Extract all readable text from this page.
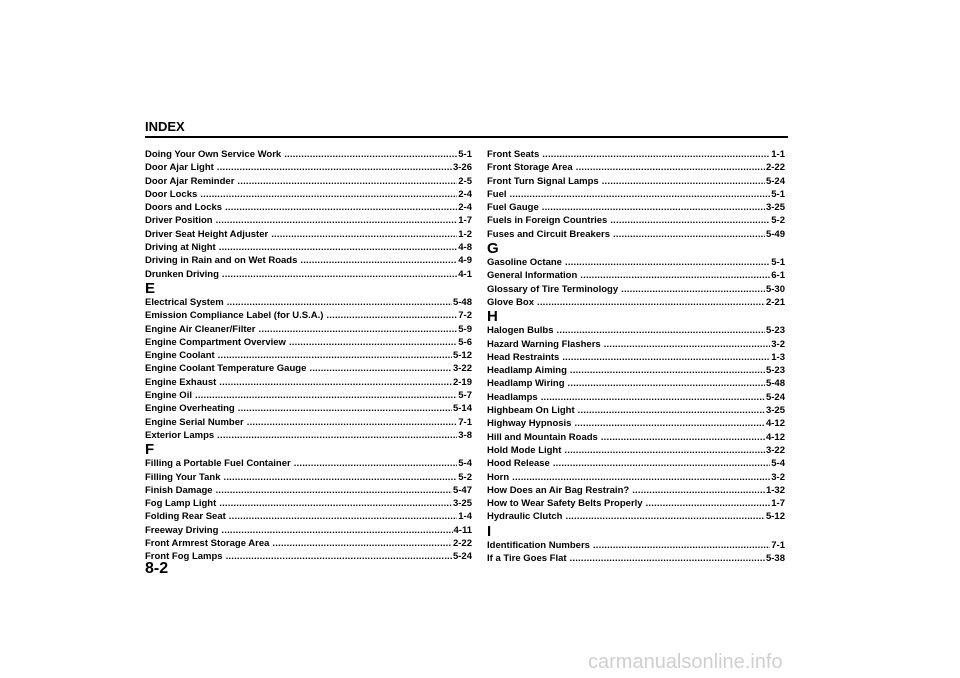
INDEX
Doing Your Own Service Work .....	5-1
Door Ajar Light .....	3-26
Door Ajar Reminder .....	2-5
Door Locks .....	2-4
Doors and Locks .....	2-4
Driver Position .....	1-7
Driver Seat Height Adjuster .....	1-2
Driving at Night .....	4-8
Driving in Rain and on Wet Roads .....	4-9
Drunken Driving .....	4-1
E
Electrical System .....	5-48
Emission Compliance Label (for U.S.A.) .....	7-2
Engine Air Cleaner/Filter .....	5-9
Engine Compartment Overview .....	5-6
Engine Coolant .....	5-12
Engine Coolant Temperature Gauge .....	3-22
Engine Exhaust .....	2-19
Engine Oil .....	5-7
Engine Overheating .....	5-14
Engine Serial Number .....	7-1
Exterior Lamps .....	3-8
F
Filling a Portable Fuel Container .....	5-4
Filling Your Tank .....	5-2
Finish Damage .....	5-47
Fog Lamp Light .....	3-25
Folding Rear Seat .....	1-4
Freeway Driving .....	4-11
Front Armrest Storage Area .....	2-22
Front Fog Lamps .....	5-24
Front Seats .....	1-1
Front Storage Area .....	2-22
Front Turn Signal Lamps .....	5-24
Fuel .....	5-1
Fuel Gauge .....	3-25
Fuels in Foreign Countries .....	5-2
Fuses and Circuit Breakers .....	5-49
G
Gasoline Octane .....	5-1
General Information .....	6-1
Glossary of Tire Terminology .....	5-30
Glove Box .....	2-21
H
Halogen Bulbs .....	5-23
Hazard Warning Flashers .....	3-2
Head Restraints .....	1-3
Headlamp Aiming .....	5-23
Headlamp Wiring .....	5-48
Headlamps .....	5-24
Highbeam On Light .....	3-25
Highway Hypnosis .....	4-12
Hill and Mountain Roads .....	4-12
Hold Mode Light .....	3-22
Hood Release .....	5-4
Horn .....	3-2
How Does an Air Bag Restrain? .....	1-32
How to Wear Safety Belts Properly .....	1-7
Hydraulic Clutch .....	5-12
I
Identification Numbers .....	7-1
If a Tire Goes Flat .....	5-38
8-2
carmanualsonline.info
